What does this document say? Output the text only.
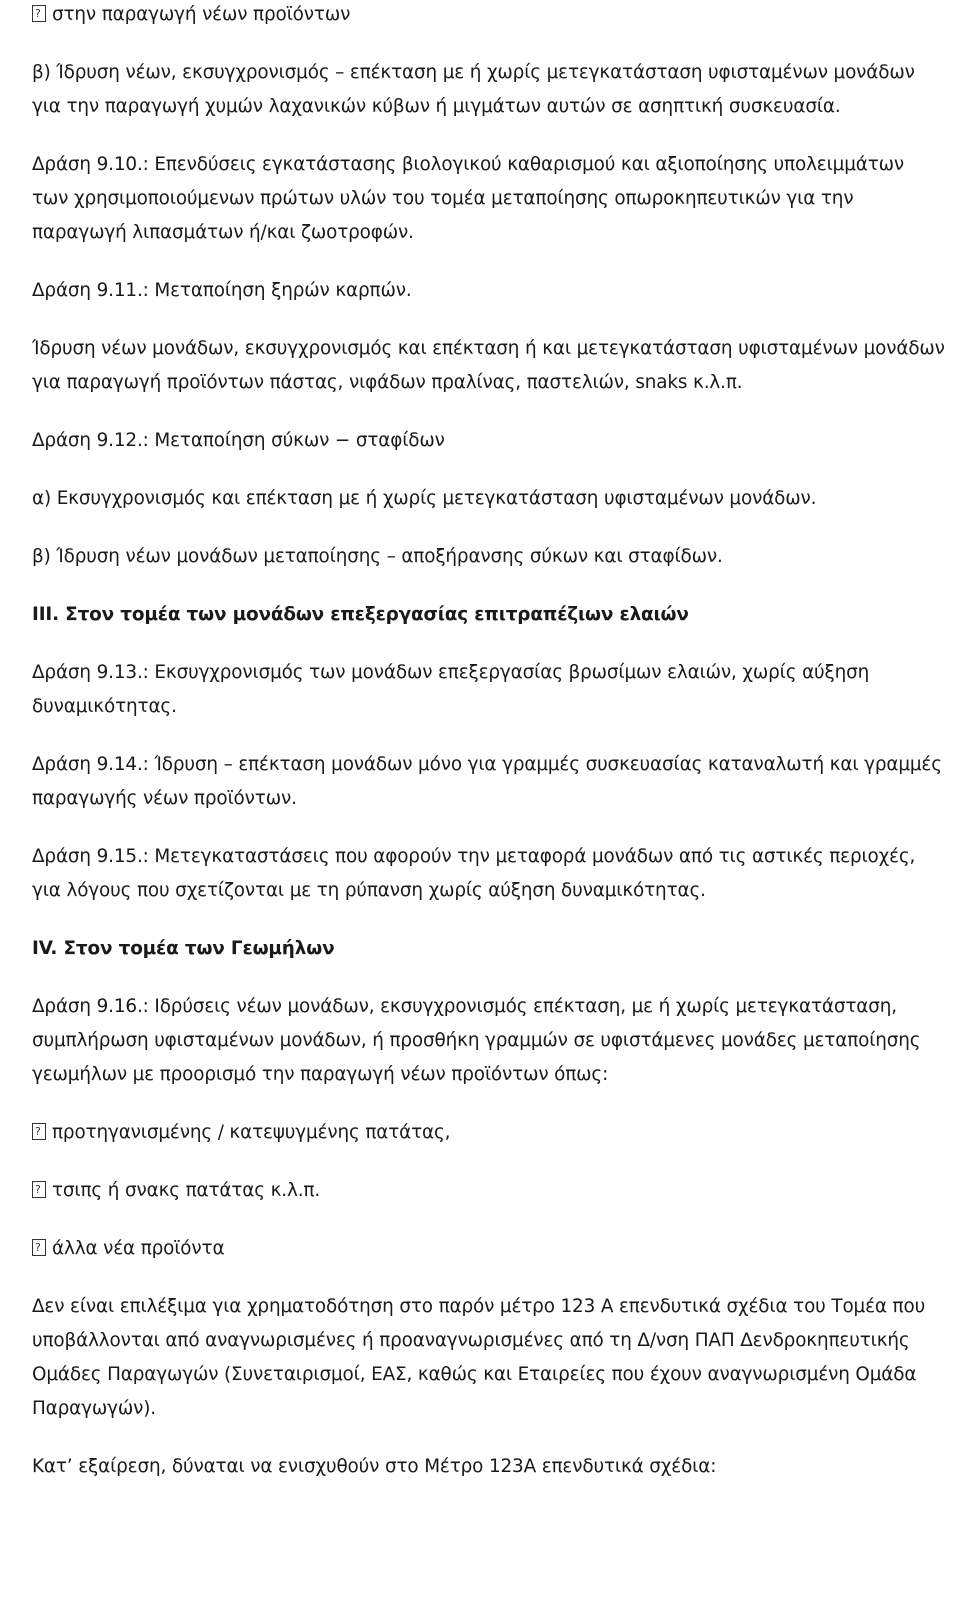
?στην παραγωγή νέων προϊόντων

β) Ίδρυση νέων, εκσυγχρονισμός – επέκταση με ή χωρίς μετεγκατάσταση υφισταμένων μονάδων για την παραγωγή χυμών λαχανικών κύβων ή μιγμάτων αυτών σε ασηπτική συσκευασία.

Δράση 9.10.: Επενδύσεις εγκατάστασης βιολογικού καθαρισμού και αξιοποίησης υπολειμμάτων των χρησιμοποιούμενων πρώτων υλών του τομέα μεταποίησης οπωροκηπευτικών για την παραγωγή λιπασμάτων ή/και ζωοτροφών.

Δράση 9.11.: Μεταποίηση ξηρών καρπών.

Ίδρυση νέων μονάδων, εκσυγχρονισμός και επέκταση ή και μετεγκατάσταση υφισταμένων μονάδων για παραγωγή προϊόντων πάστας, νιφάδων πραλίνας, παστελιών, snaks κ.λ.π.

Δράση 9.12.: Μεταποίηση σύκων − σταφίδων

α) Εκσυγχρονισμός και επέκταση με ή χωρίς μετεγκατάσταση υφισταμένων μονάδων.

β) Ίδρυση νέων μονάδων μεταποίησης – αποξήρανσης σύκων και σταφίδων.

III. Στον τομέα των μονάδων επεξεργασίας επιτραπέζιων ελαιών

Δράση 9.13.: Εκσυγχρονισμός των μονάδων επεξεργασίας βρωσίμων ελαιών, χωρίς αύξηση δυναμικότητας.

Δράση 9.14.: Ίδρυση – επέκταση μονάδων μόνο για γραμμές συσκευασίας καταναλωτή και γραμμές παραγωγής νέων προϊόντων.

Δράση 9.15.: Μετεγκαταστάσεις που αφορούν την μεταφορά μονάδων από τις αστικές περιοχές, για λόγους που σχετίζονται με τη ρύπανση χωρίς αύξηση δυναμικότητας.

IV. Στον τομέα των Γεωμήλων

Δράση 9.16.: Ιδρύσεις νέων μονάδων, εκσυγχρονισμός επέκταση, με ή χωρίς μετεγκατάσταση, συμπλήρωση υφισταμένων μονάδων, ή προσθήκη γραμμών σε υφιστάμενες μονάδες μεταποίησης γεωμήλων με προορισμό την παραγωγή νέων προϊόντων όπως:

?προτηγανισμένης / κατεψυγμένης πατάτας,

?τσιπς ή σνακς πατάτας κ.λ.π.

?άλλα νέα προϊόντα

Δεν είναι επιλέξιμα για χρηματοδότηση στο παρόν μέτρο 123 Α επενδυτικά σχέδια του Τομέα που υποβάλλονται από αναγνωρισμένες ή προαναγνωρισμένες από τη Δ/νση ΠΑΠ Δενδροκηπευτικής Ομάδες Παραγωγών (Συνεταιρισμοί, ΕΑΣ, καθώς και Εταιρείες που έχουν αναγνωρισμένη Ομάδα Παραγωγών).

Κατ’ εξαίρεση, δύναται να ενισχυθούν στο Μέτρο 123Α επενδυτικά σχέδια:
